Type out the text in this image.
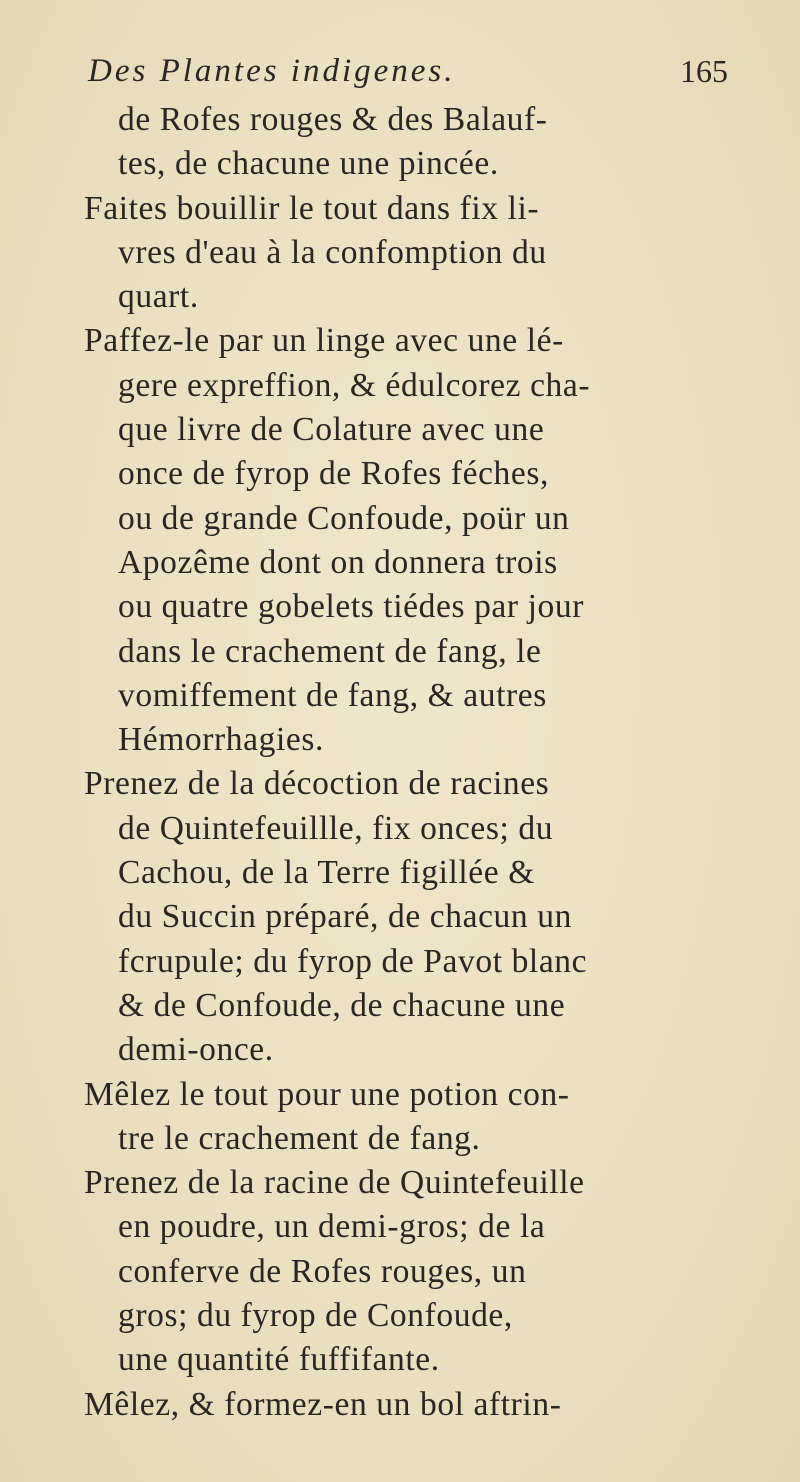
Des Plantes indigenes.	165
de Rofes rouges & des Balauf-
tes, de chacune une pincée.
Faites bouillir le tout dans fix li-
vres d'eau à la confomption du
quart.
Paffez-le par un linge avec une lé-
gere expreffion, & édulcorez cha-
que livre de Colature avec une
once de fyrop de Rofes féches,
ou de grande Confoude, poür un
Apozême dont on donnera trois
ou quatre gobelets tiédes par jour
dans le crachement de fang, le
vomiffement de fang, & autres
Hémorrhagies.
Prenez de la décoction de racines
de Quintefeuillle, fix onces; du
Cachou, de la Terre figillée &
du Succin préparé, de chacun un
fcrupule; du fyrop de Pavot blanc
& de Confoude, de chacune une
demi-once.
Mêlez le tout pour une potion con-
tre le crachement de fang.
Prenez de la racine de Quintefeuille
en poudre, un demi-gros; de la
conferve de Rofes rouges, un
gros; du fyrop de Confoude,
une quantité fuffifante.
Mêlez, & formez-en un bol aftrin-
